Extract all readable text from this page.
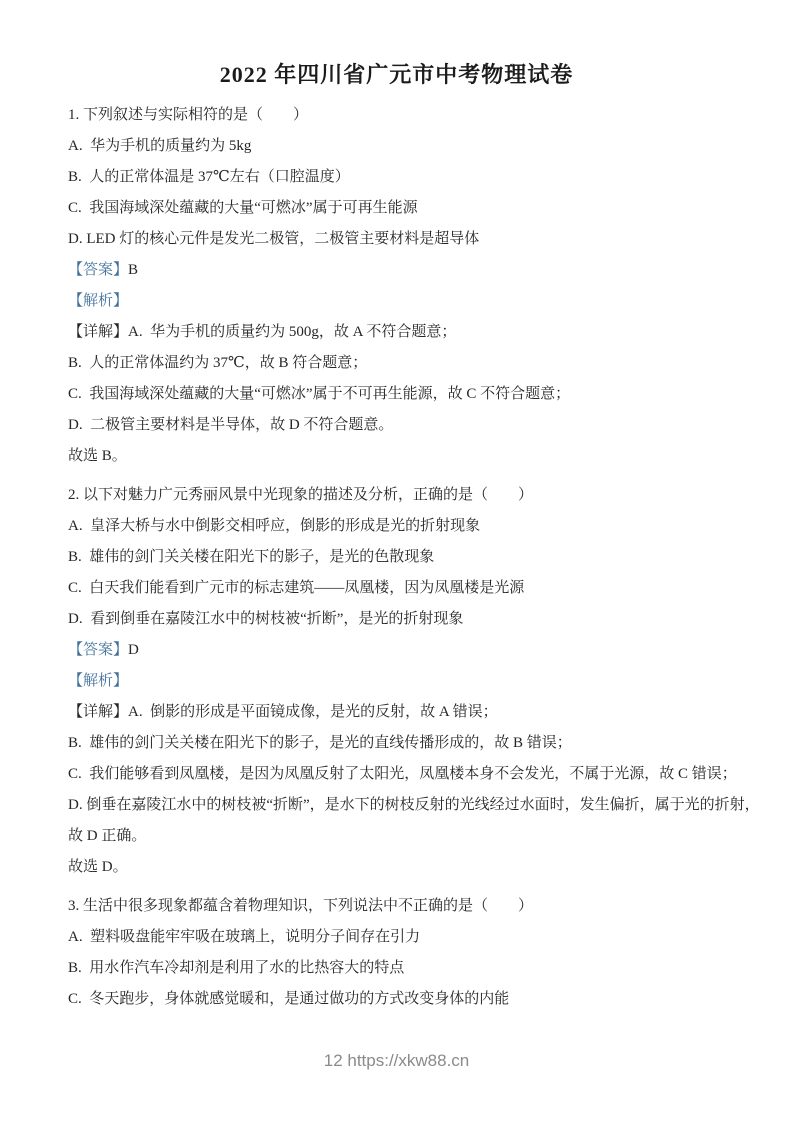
2022 年四川省广元市中考物理试卷

1. 下列叙述与实际相符的是（　　）

A.  华为手机的质量约为 5kg

B.  人的正常体温是 37℃左右（口腔温度）

C.  我国海域深处蕴藏的大量“可燃冰”属于可再生能源

D. LED 灯的核心元件是发光二极管，二极管主要材料是超导体

【答案】B

【解析】

【详解】A.  华为手机的质量约为 500g，故 A 不符合题意；

B.  人的正常体温约为 37℃，故 B 符合题意；

C.  我国海域深处蕴藏的大量“可燃冰”属于不可再生能源，故 C 不符合题意；

D.  二极管主要材料是半导体，故 D 不符合题意。

故选 B。

2. 以下对魅力广元秀丽风景中光现象的描述及分析，正确的是（　　）

A.  皇泽大桥与水中倒影交相呼应，倒影的形成是光的折射现象

B.  雄伟的剑门关关楼在阳光下的影子，是光的色散现象

C.  白天我们能看到广元市的标志建筑——凤凰楼，因为凤凰楼是光源

D.  看到倒垂在嘉陵江水中的树枝被“折断”，是光的折射现象

【答案】D

【解析】

【详解】A.  倒影的形成是平面镜成像，是光的反射，故 A 错误；

B.  雄伟的剑门关关楼在阳光下的影子，是光的直线传播形成的，故 B 错误；

C.  我们能够看到凤凰楼，是因为凤凰反射了太阳光，凤凰楼本身不会发光，不属于光源，故 C 错误；

D. 倒垂在嘉陵江水中的树枝被“折断”，是水下的树枝反射的光线经过水面时，发生偏折，属于光的折射，故 D 正确。

故选 D。

3. 生活中很多现象都蕴含着物理知识，下列说法中不正确的是（　　）

A.  塑料吸盘能牢牢吸在玻璃上，说明分子间存在引力

B.  用水作汽车冷却剂是利用了水的比热容大的特点

C.  冬天跑步，身体就感觉暖和，是通过做功的方式改变身体的内能

12 https://xkw88.cn
